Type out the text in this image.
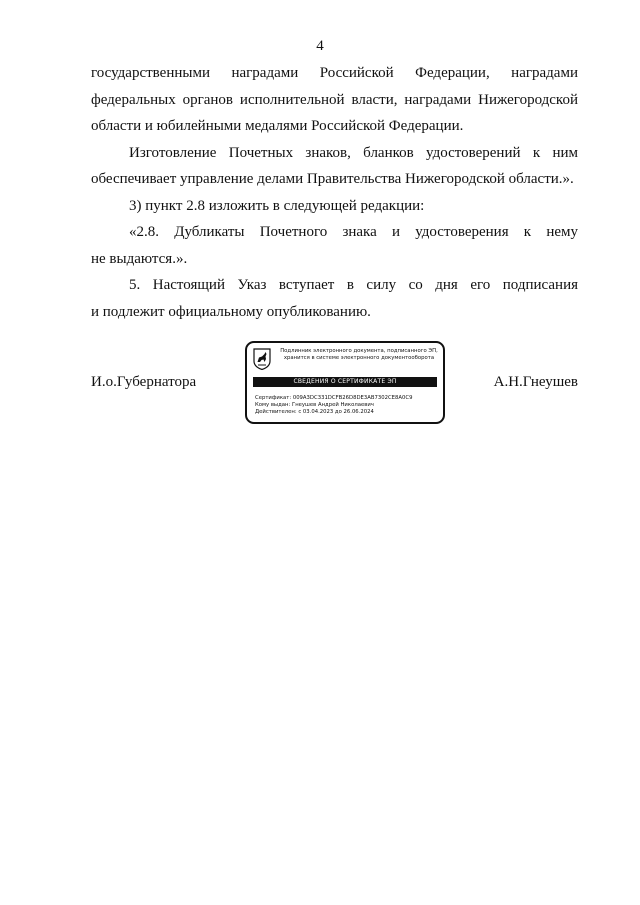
4

государственными наградами Российской Федерации, наградами

федеральных органов исполнительной власти, наградами Нижегородской

области и юбилейными медалями Российской Федерации.

Изготовление Почетных знаков, бланков удостоверений к ним

обеспечивает управление делами Правительства Нижегородской области.».

3) пункт 2.8 изложить в следующей редакции:

«2.8. Дубликаты Почетного знака и удостоверения к нему

не выдаются.».

5. Настоящий Указ вступает в силу со дня его подписания

и подлежит официальному опубликованию.

И.о.Губернатора
Подлинник электронного документа, подписанного ЭП,
хранится в системе электронного документооборота
СВЕДЕНИЯ О СЕРТИФИКАТЕ ЭП
Сертификат: 009A3DC331DCFB26D8DE3AB7302CE8A0C9
Кому выдан: Гнеушев Андрей Николаевич
Действителен: с 03.04.2023 до 26.06.2024
А.Н.Гнеушев
